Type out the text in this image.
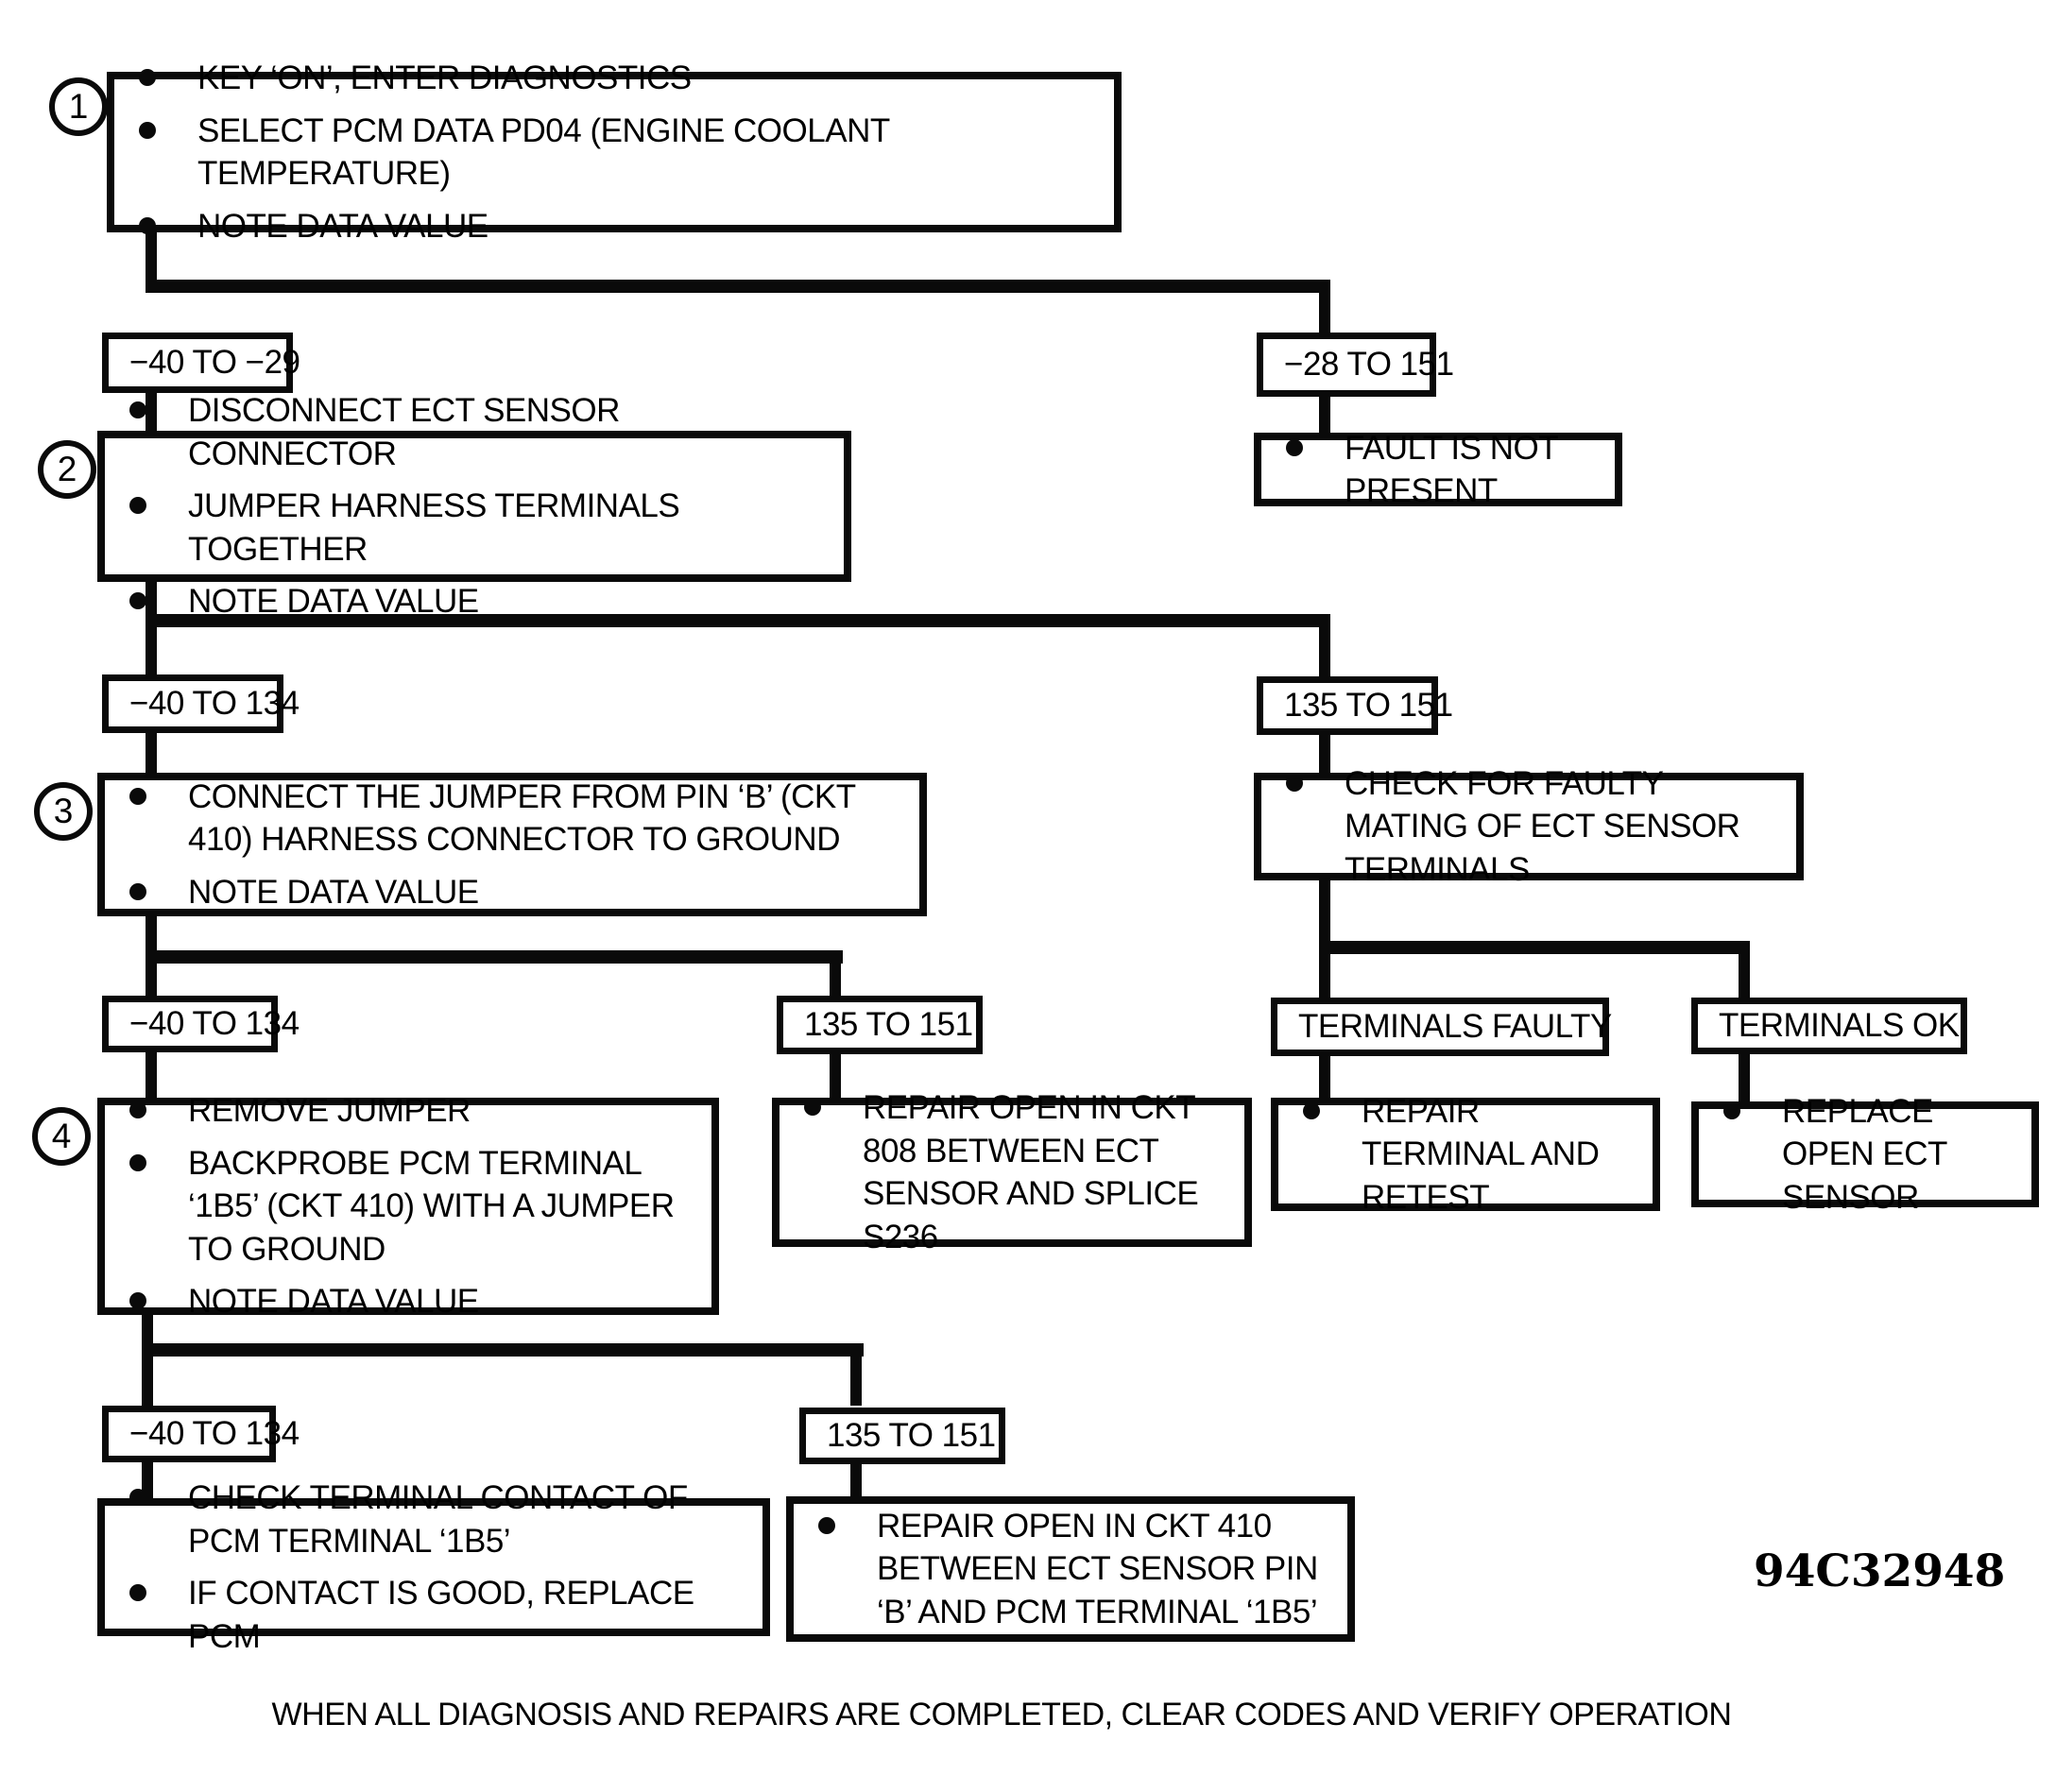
1
2
3
4
KEY ‘ON’, ENTER DIAGNOSTICS
SELECT PCM DATA PD04 (ENGINE COOLANT TEMPERATURE)
NOTE DATA VALUE
−40 TO −29	−28 TO 151
FAULT IS NOT PRESENT
DISCONNECT ECT SENSOR CONNECTOR
JUMPER HARNESS TERMINALS TOGETHER
NOTE DATA VALUE
−40 TO 134	135 TO 151
CONNECT THE JUMPER FROM PIN ‘B’ (CKT 410) HARNESS CONNECTOR TO GROUND
NOTE DATA VALUE
CHECK FOR FAULTY MATING OF ECT SENSOR TERMINALS
−40 TO 134	135 TO 151	TERMINALS FAULTY	TERMINALS OK
REMOVE JUMPER
BACKPROBE PCM TERMINAL ‘1B5’ (CKT 410) WITH A JUMPER TO GROUND
NOTE DATA VALUE
REPAIR OPEN IN CKT 808 BETWEEN ECT SENSOR AND SPLICE S236
REPAIR TERMINAL AND RETEST
REPLACE OPEN ECT SENSOR
−40 TO 134	135 TO 151
CHECK TERMINAL CONTACT OF PCM TERMINAL ‘1B5’
IF CONTACT IS GOOD, REPLACE PCM
REPAIR OPEN IN CKT 410 BETWEEN ECT SENSOR PIN ‘B’ AND PCM TERMINAL ‘1B5’
94C32948
WHEN ALL DIAGNOSIS AND REPAIRS ARE COMPLETED, CLEAR CODES AND VERIFY OPERATION
